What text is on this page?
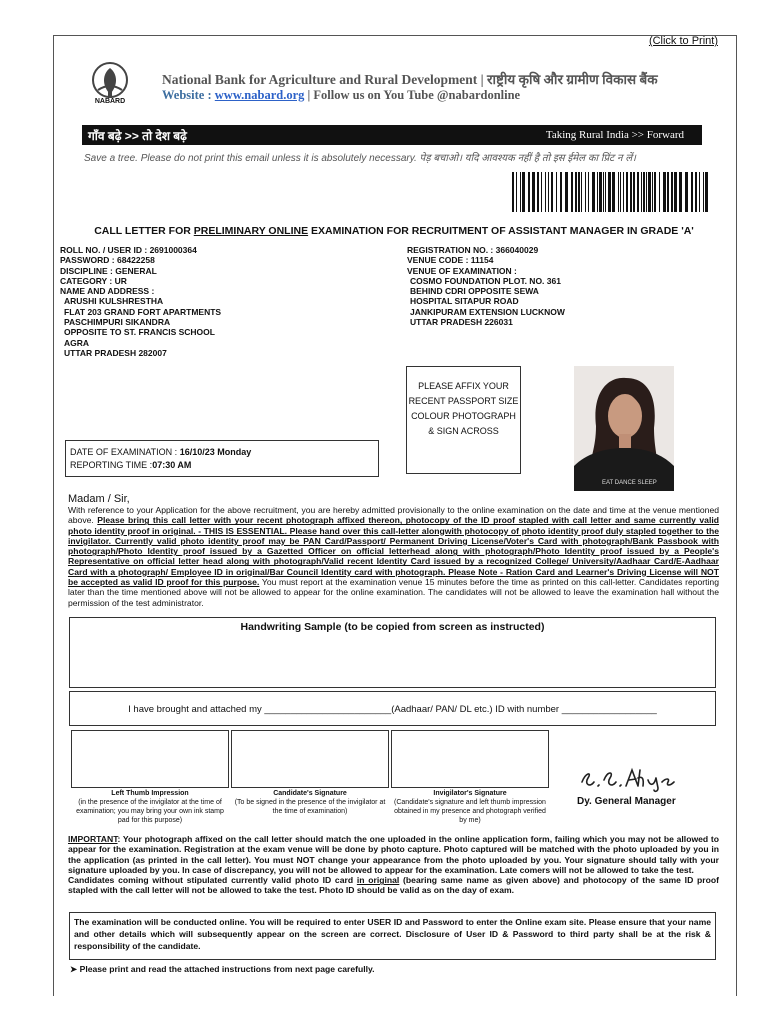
(Click to Print)
NABARD
National Bank for Agriculture and Rural Development | राष्ट्रीय कृषि और ग्रामीण विकास बैंक
Website : www.nabard.org | Follow us on You Tube @nabardonline
गाँव बढ़े >> तो देश बढ़े	Taking Rural India >> Forward
Save a tree. Please do not print this email unless it is absolutely necessary. पेड़ बचाओ। यदि आवश्यक नहीं है तो इस ईमेल का प्रिंट न लें।
CALL LETTER FOR PRELIMINARY ONLINE EXAMINATION FOR RECRUITMENT OF ASSISTANT MANAGER IN GRADE 'A'
ROLL NO. / USER ID : 2691000364
PASSWORD : 68422258
DISCIPLINE : GENERAL
CATEGORY : UR
NAME AND ADDRESS :
ARUSHI KULSHRESTHA
FLAT 203 GRAND FORT APARTMENTS
PASCHIMPURI SIKANDRA
OPPOSITE TO ST. FRANCIS SCHOOL
AGRA
UTTAR PRADESH 282007
REGISTRATION NO. : 366040029
VENUE CODE : 11154
VENUE OF EXAMINATION :
COSMO FOUNDATION PLOT. NO. 361
BEHIND CDRI OPPOSITE SEWA
HOSPITAL SITAPUR ROAD
JANKIPURAM EXTENSION LUCKNOW
UTTAR PRADESH 226031
PLEASE AFFIX YOUR
RECENT PASSPORT SIZE
COLOUR PHOTOGRAPH
& SIGN ACROSS
EAT DANCE SLEEP
DATE OF EXAMINATION : 16/10/23 Monday
REPORTING TIME :07:30 AM
Madam / Sir,
With reference to your Application for the above recruitment, you are hereby admitted provisionally to the online examination on the date and time at the venue mentioned above. Please bring this call letter with your recent photograph affixed thereon, photocopy of the ID proof stapled with call letter and same currently valid photo identity proof in original. - THIS IS ESSENTIAL. Please hand over this call-letter alongwith photocopy of photo identity proof duly stapled together to the invigilator. Currently valid photo identity proof may be PAN Card/Passport/ Permanent Driving License/Voter's Card with photograph/Bank Passbook with photograph/Photo Identity proof issued by a Gazetted Officer on official letterhead along with photograph/Photo Identity proof issued by a People's Representative on official letter head along with photograph/Valid recent Identity Card issued by a recognized College/ University/Aadhaar Card/E-Aadhaar Card with a photograph/ Employee ID in original/Bar Council Identity card with photograph. Please Note - Ration Card and Learner's Driving License will NOT be accepted as valid ID proof for this purpose. You must report at the examination venue 15 minutes before the time as printed on this call-letter. Candidates reporting later than the time mentioned above will not be allowed to appear for the online examination. The candidates will not be allowed to leave the examination hall without the permission of the test administrator.
Handwriting Sample (to be copied from screen as instructed)
I have brought and attached my ________________________(Aadhaar/ PAN/ DL etc.) ID with number __________________
Left Thumb Impression
(in the presence of the invigilator at the time of examination; you may bring your own ink stamp pad for this purpose)
Candidate's Signature
(To be signed in the presence of the invigilator at the time of examination)
Invigilator's Signature
(Candidate's signature and left thumb impression obtained in my presence and photograph verified by me)
Dy. General Manager
IMPORTANT: Your photograph affixed on the call letter should match the one uploaded in the online application form, failing which you may not be allowed to appear for the examination. Registration at the exam venue will be done by photo capture. Photo captured will be matched with the photo uploaded by you in the application (as printed in the call letter). You must NOT change your appearance from the photo uploaded by you. Your signature should tally with your signature uploaded by you. In case of discrepancy, you will not be allowed to appear for the examination. Late comers will not be allowed to take the test.
Candidates coming without stipulated currently valid photo ID card in original (bearing same name as given above) and photocopy of the same ID proof stapled with the call letter will not be allowed to take the test. Photo ID should be valid as on the day of exam.
The examination will be conducted online. You will be required to enter USER ID and Password to enter the Online exam site. Please ensure that your name and other details which will subsequently appear on the screen are correct. Disclosure of User ID & Password to third party shall be at the risk & responsibility of the candidate.
➤ Please print and read the attached instructions from next page carefully.
